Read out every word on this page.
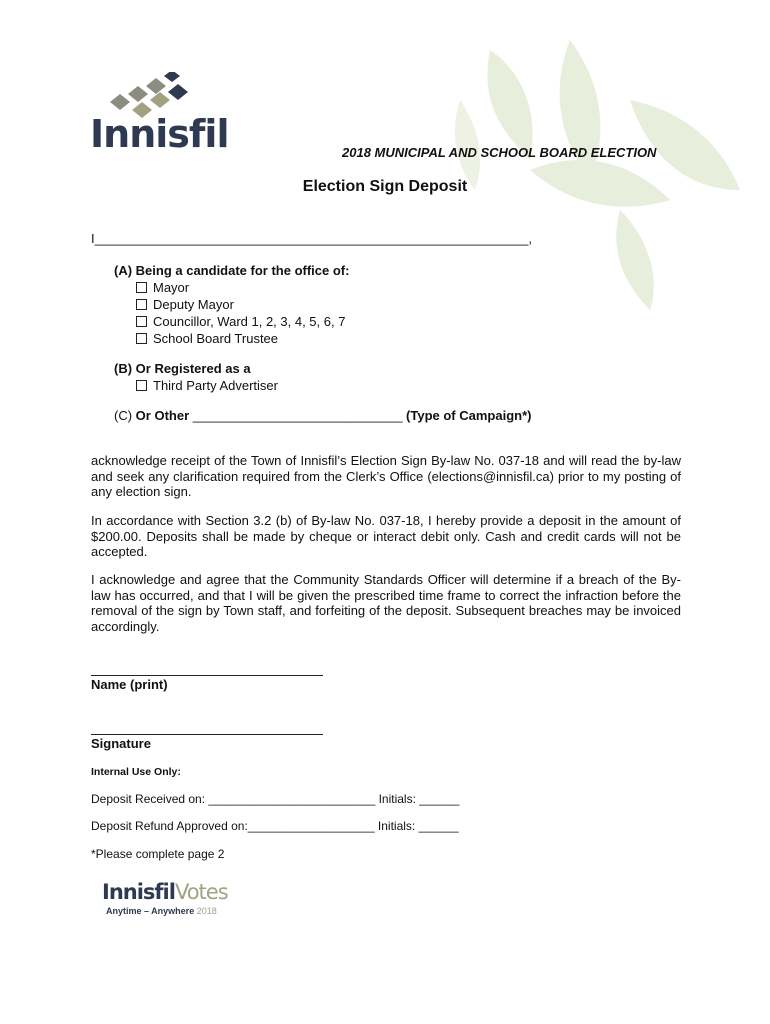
Innisfil	2018 MUNICIPAL AND SCHOOL BOARD ELECTION
Election Sign Deposit
I____________________________________________________________,
(A) Being a candidate for the office of:
Mayor
Deputy Mayor
Councillor, Ward 1, 2, 3, 4, 5, 6, 7
School Board Trustee
(B) Or Registered as a
Third Party Advertiser
(C) Or Other _____________________________ (Type of Campaign*)

acknowledge receipt of the Town of Innisfil’s Election Sign By-law No. 037-18 and will read the by-law and seek any clarification required from the Clerk’s Office (elections@innisfil.ca) prior to my posting of any election sign.

In accordance with Section 3.2 (b) of By-law No. 037-18, I hereby provide a deposit in the amount of $200.00. Deposits shall be made by cheque or interact debit only. Cash and credit cards will not be accepted.

I acknowledge and agree that the Community Standards Officer will determine if a breach of the By-law has occurred, and that I will be given the prescribed time frame to correct the infraction before the removal of the sign by Town staff, and forfeiting of the deposit. Subsequent breaches may be invoiced accordingly.

Name (print)
Signature
Internal Use Only:
Deposit Received on: _________________________ Initials: ______
Deposit Refund Approved on:___________________ Initials: ______
*Please complete page 2
InnisfilVotes
Anytime – Anywhere 2018
